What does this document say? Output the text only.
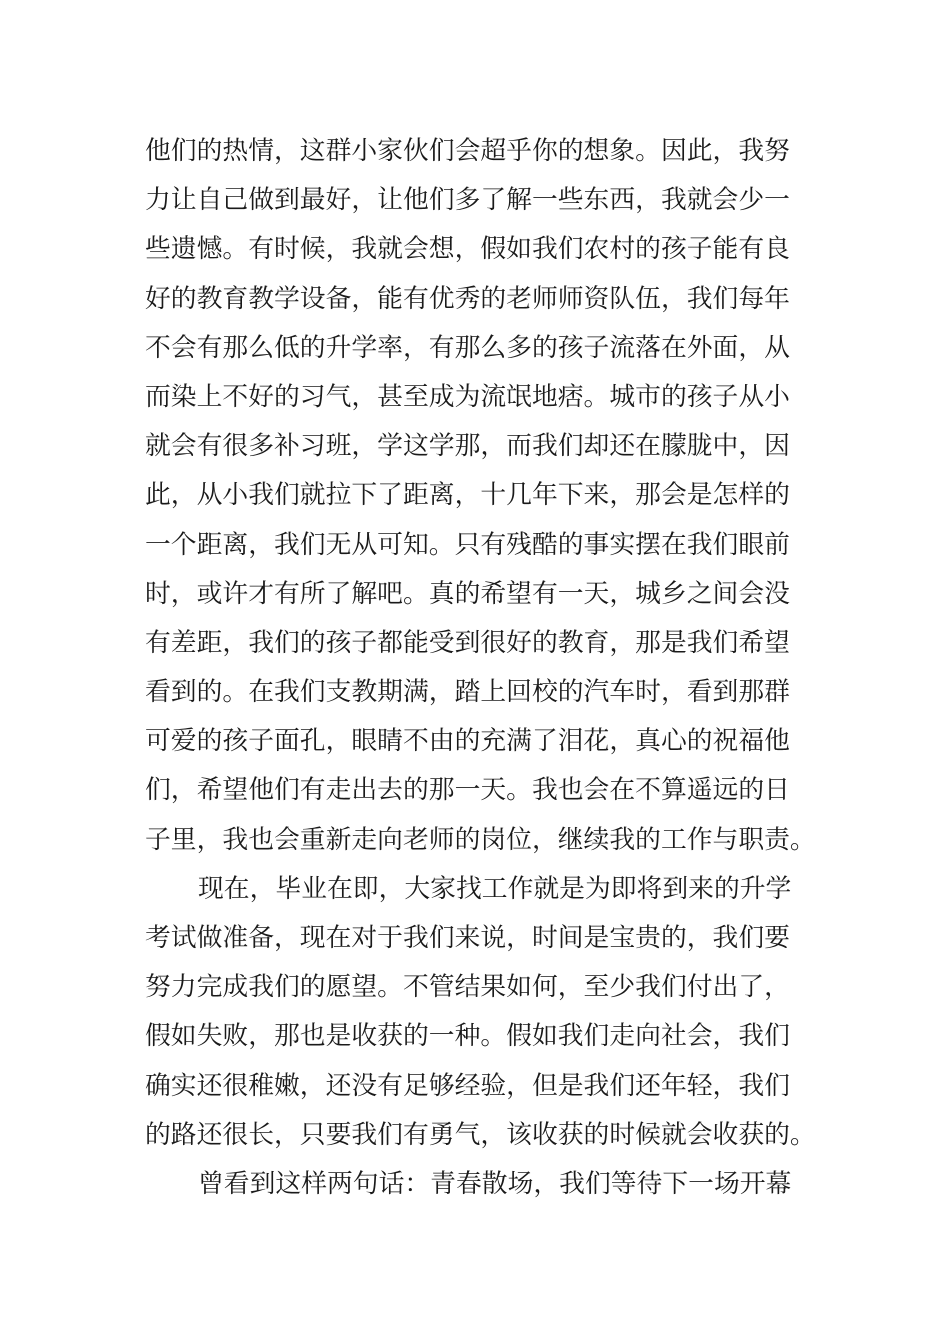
他们的热情，这群小家伙们会超乎你的想象。因此，我努
力让自己做到最好，让他们多了解一些东西，我就会少一
些遗憾。有时候，我就会想，假如我们农村的孩子能有良
好的教育教学设备，能有优秀的老师师资队伍，我们每年
不会有那么低的升学率，有那么多的孩子流落在外面，从
而染上不好的习气，甚至成为流氓地痞。城市的孩子从小
就会有很多补习班，学这学那，而我们却还在朦胧中，因
此，从小我们就拉下了距离，十几年下来，那会是怎样的
一个距离，我们无从可知。只有残酷的事实摆在我们眼前
时，或许才有所了解吧。真的希望有一天，城乡之间会没
有差距，我们的孩子都能受到很好的教育，那是我们希望
看到的。在我们支教期满，踏上回校的汽车时，看到那群
可爱的孩子面孔，眼睛不由的充满了泪花，真心的祝福他
们，希望他们有走出去的那一天。我也会在不算遥远的日
子里，我也会重新走向老师的岗位，继续我的工作与职责。
现在，毕业在即，大家找工作就是为即将到来的升学
考试做准备，现在对于我们来说，时间是宝贵的，我们要
努力完成我们的愿望。不管结果如何，至少我们付出了，
假如失败，那也是收获的一种。假如我们走向社会，我们
确实还很稚嫩，还没有足够经验，但是我们还年轻，我们
的路还很长，只要我们有勇气，该收获的时候就会收获的。
曾看到这样两句话：青春散场，我们等待下一场开幕
